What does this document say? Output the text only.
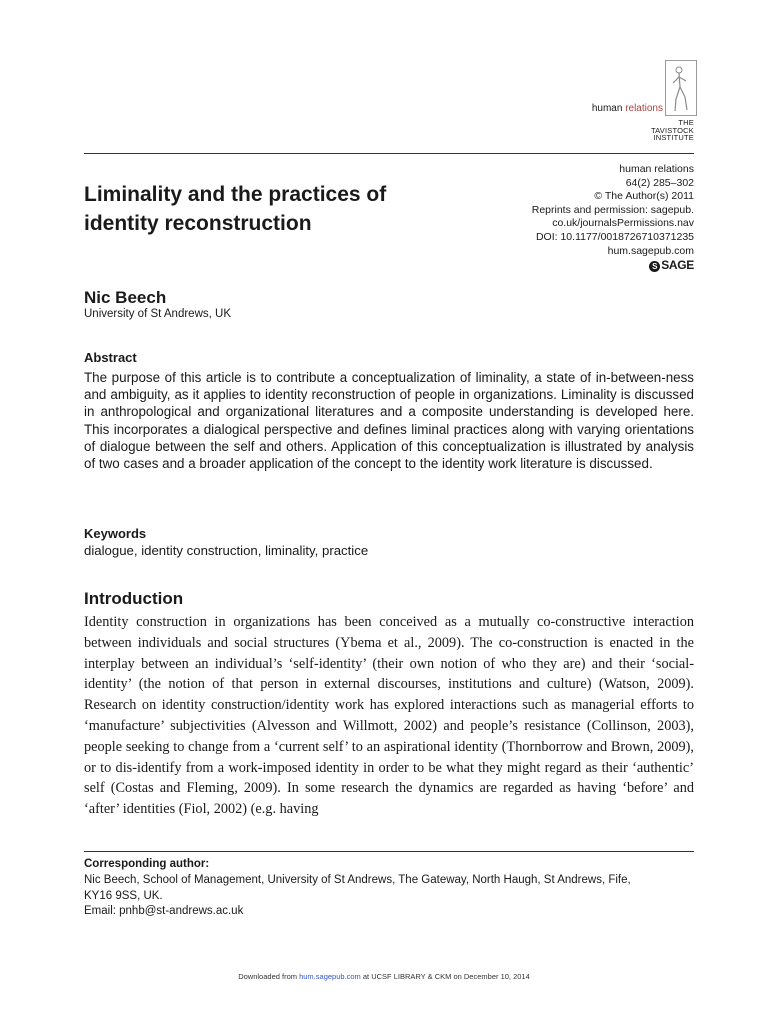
human relations
THE
TAVISTOCK
INSTITUTE
Liminality and the practices of identity reconstruction
human relations
64(2) 285–302
© The Author(s) 2011
Reprints and permission: sagepub.
co.uk/journalsPermissions.nav
DOI: 10.1177/0018726710371235
hum.sagepub.com
S SAGE
Nic Beech
University of St Andrews, UK
Abstract

The purpose of this article is to contribute a conceptualization of liminality, a state of in-between-ness and ambiguity, as it applies to identity reconstruction of people in organizations. Liminality is discussed in anthropological and organizational literatures and a composite understanding is developed here. This incorporates a dialogical perspective and defines liminal practices along with varying orientations of dialogue between the self and others. Application of this conceptualization is illustrated by analysis of two cases and a broader application of the concept to the identity work literature is discussed.

Keywords
dialogue, identity construction, liminality, practice
Introduction

Identity construction in organizations has been conceived as a mutually co-constructive interaction between individuals and social structures (Ybema et al., 2009). The co-construction is enacted in the interplay between an individual’s ‘self-identity’ (their own notion of who they are) and their ‘social-identity’ (the notion of that person in external discourses, institutions and culture) (Watson, 2009). Research on identity construction/identity work has explored interactions such as managerial efforts to ‘manufacture’ subjectivities (Alvesson and Willmott, 2002) and people’s resistance (Collinson, 2003), people seeking to change from a ‘current self’ to an aspirational identity (Thornborrow and Brown, 2009), or to dis-identify from a work-imposed identity in order to be what they might regard as their ‘authentic’ self (Costas and Fleming, 2009). In some research the dynamics are regarded as having ‘before’ and ‘after’ identities (Fiol, 2002) (e.g. having

Corresponding author:
Nic Beech, School of Management, University of St Andrews, The Gateway, North Haugh, St Andrews, Fife,
KY16 9SS, UK.
Email: pnhb@st-andrews.ac.uk
Downloaded from hum.sagepub.com at UCSF LIBRARY & CKM on December 10, 2014
